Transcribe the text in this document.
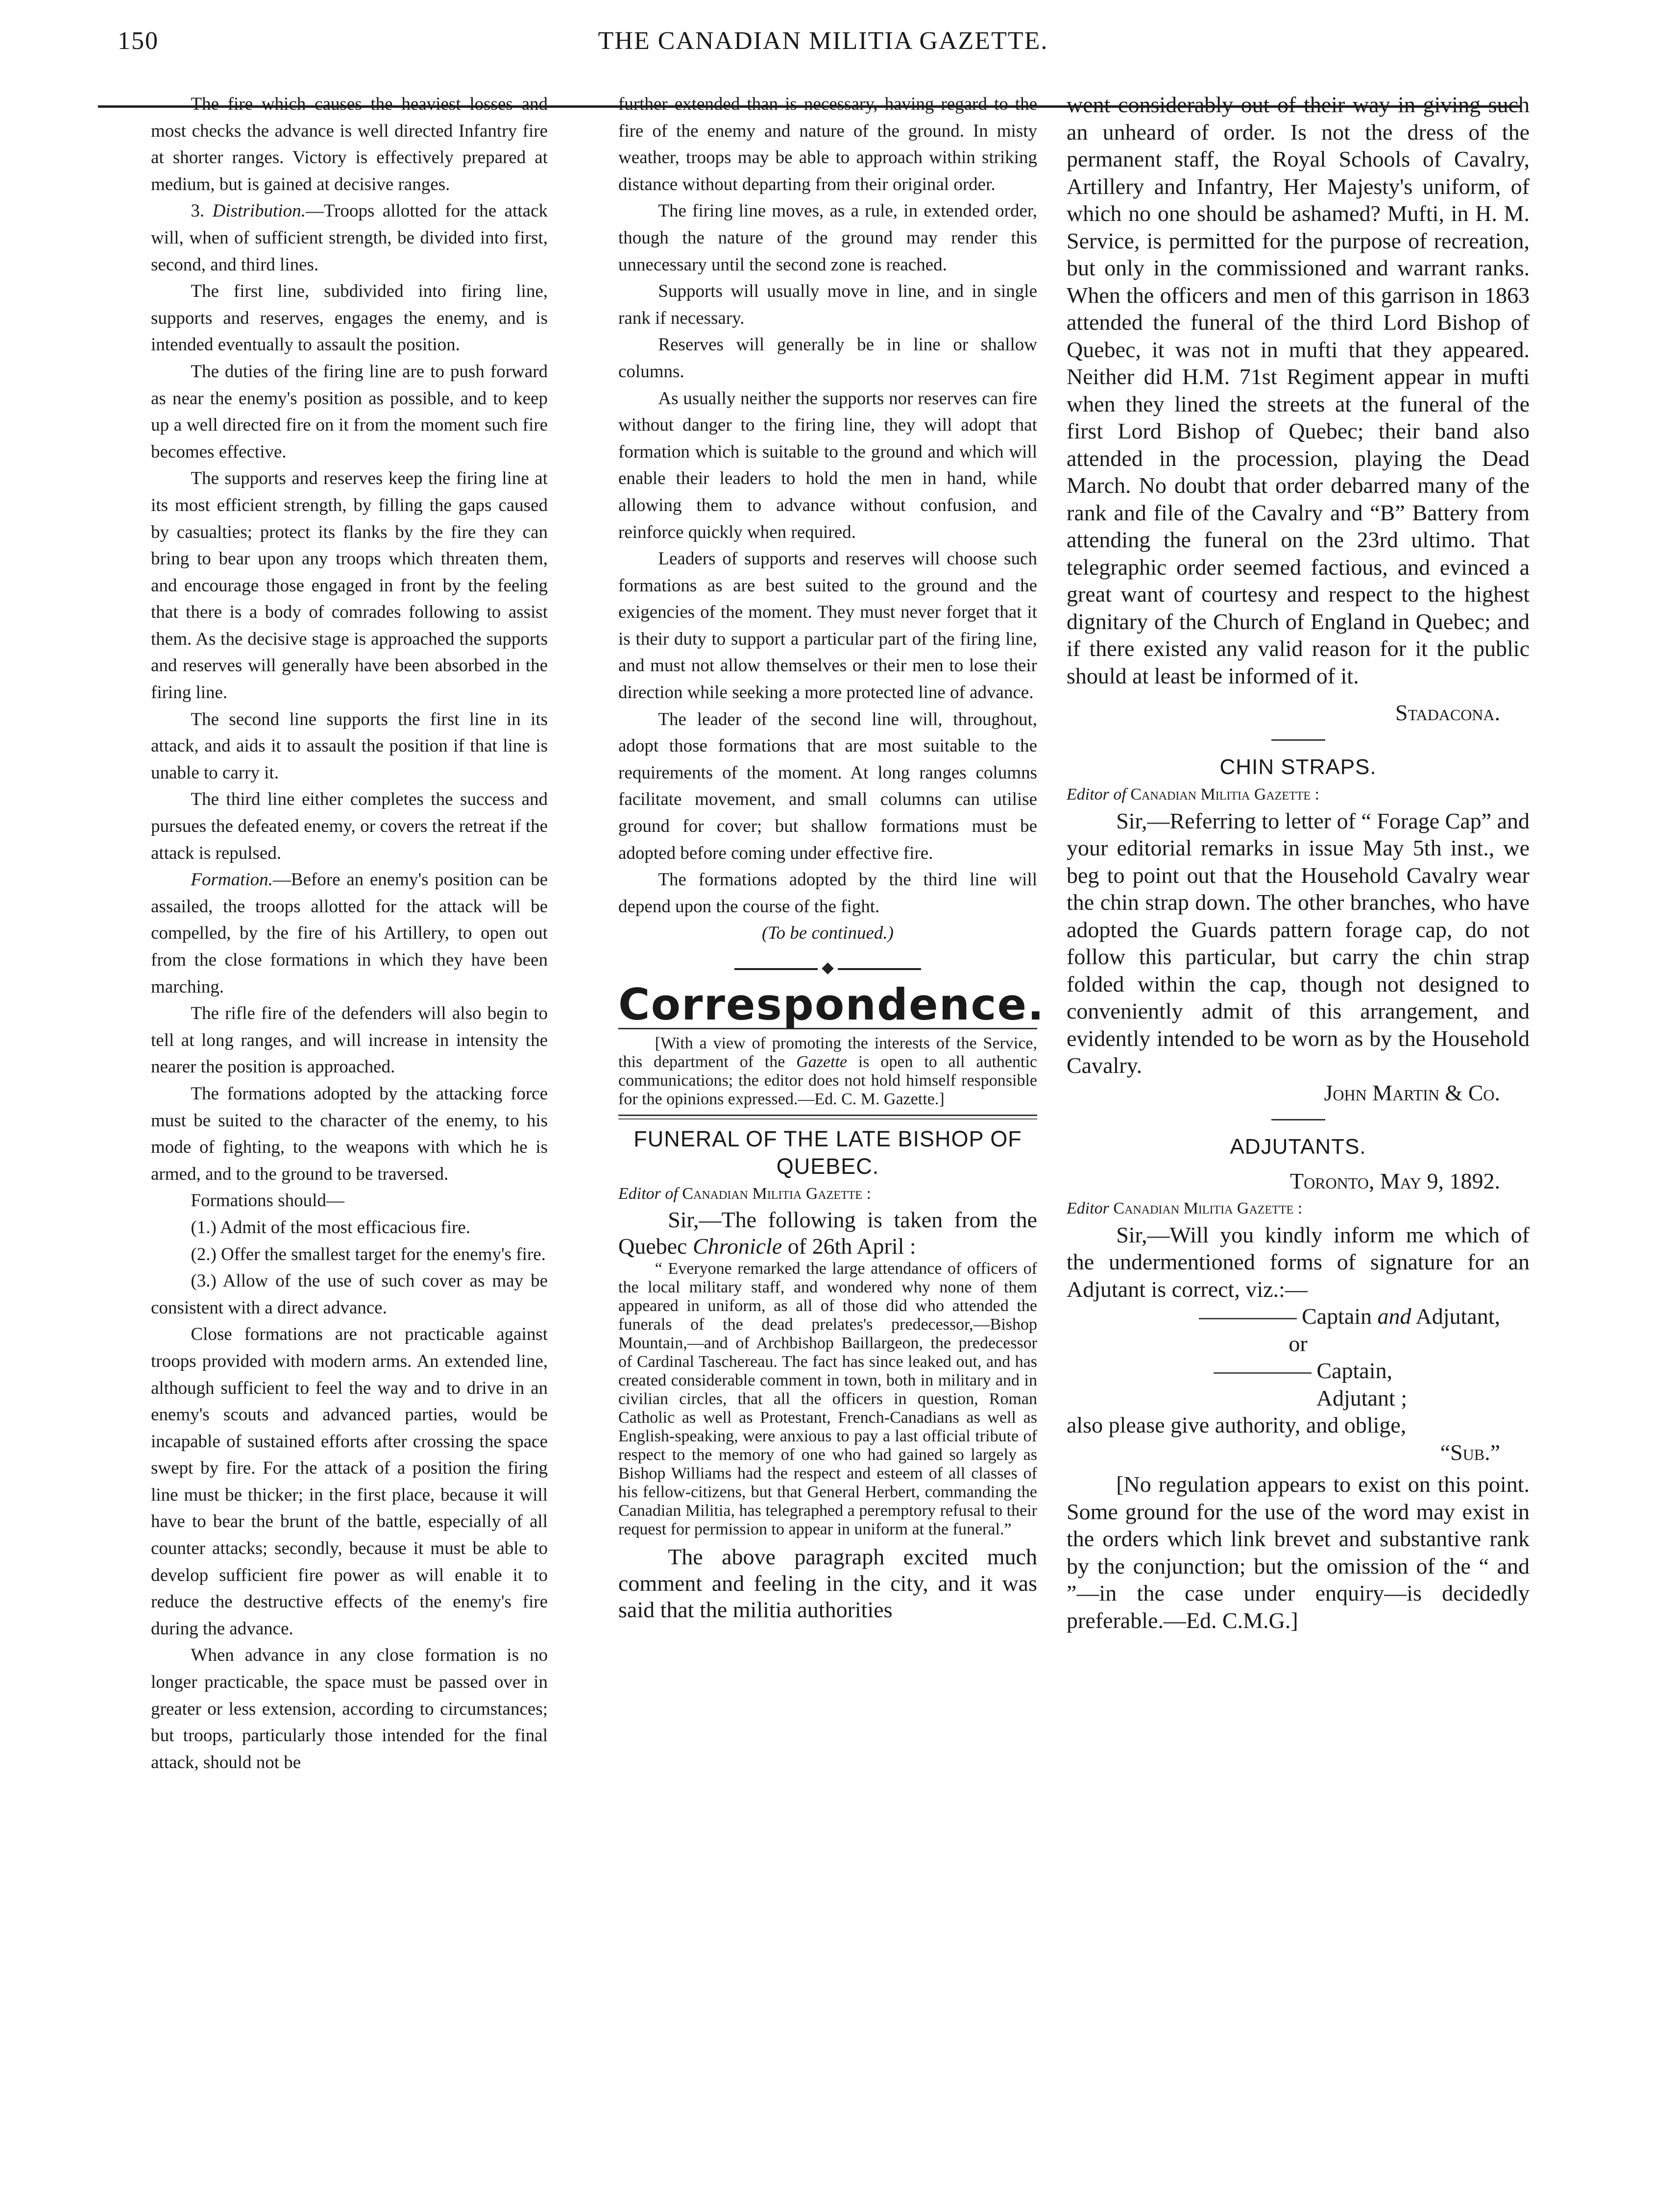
150	THE CANADIAN MILITIA GAZETTE.

The fire which causes the heaviest losses and most checks the advance is well directed Infantry fire at shorter ranges. Victory is effectively prepared at medium, but is gained at decisive ranges.

3. Distribution.—Troops allotted for the attack will, when of sufficient strength, be divided into first, second, and third lines.

The first line, subdivided into firing line, supports and reserves, engages the enemy, and is intended eventually to assault the position.

The duties of the firing line are to push forward as near the enemy's position as possible, and to keep up a well directed fire on it from the moment such fire becomes effective.

The supports and reserves keep the firing line at its most efficient strength, by filling the gaps caused by casualties; protect its flanks by the fire they can bring to bear upon any troops which threaten them, and encourage those engaged in front by the feeling that there is a body of comrades following to assist them. As the decisive stage is approached the supports and reserves will generally have been absorbed in the firing line.

The second line supports the first line in its attack, and aids it to assault the position if that line is unable to carry it.

The third line either completes the success and pursues the defeated enemy, or covers the retreat if the attack is repulsed.

Formation.—Before an enemy's position can be assailed, the troops allotted for the attack will be compelled, by the fire of his Artillery, to open out from the close formations in which they have been marching.

The rifle fire of the defenders will also begin to tell at long ranges, and will increase in intensity the nearer the position is approached.

The formations adopted by the attacking force must be suited to the character of the enemy, to his mode of fighting, to the weapons with which he is armed, and to the ground to be traversed.

Formations should—

(1.) Admit of the most efficacious fire.

(2.) Offer the smallest target for the enemy's fire.

(3.) Allow of the use of such cover as may be consistent with a direct advance.

Close formations are not practicable against troops provided with modern arms. An extended line, although sufficient to feel the way and to drive in an enemy's scouts and advanced parties, would be incapable of sustained efforts after crossing the space swept by fire. For the attack of a position the firing line must be thicker; in the first place, because it will have to bear the brunt of the battle, especially of all counter attacks; secondly, because it must be able to develop sufficient fire power as will enable it to reduce the destructive effects of the enemy's fire during the advance.

When advance in any close formation is no longer practicable, the space must be passed over in greater or less extension, according to circumstances; but troops, particularly those intended for the final attack, should not be

further extended than is necessary, having regard to the fire of the enemy and nature of the ground. In misty weather, troops may be able to approach within striking distance without departing from their original order.

The firing line moves, as a rule, in extended order, though the nature of the ground may render this unnecessary until the second zone is reached.

Supports will usually move in line, and in single rank if necessary.

Reserves will generally be in line or shallow columns.

As usually neither the supports nor reserves can fire without danger to the firing line, they will adopt that formation which is suitable to the ground and which will enable their leaders to hold the men in hand, while allowing them to advance without confusion, and reinforce quickly when required.

Leaders of supports and reserves will choose such formations as are best suited to the ground and the exigencies of the moment. They must never forget that it is their duty to support a particular part of the firing line, and must not allow themselves or their men to lose their direction while seeking a more protected line of advance.

The leader of the second line will, throughout, adopt those formations that are most suitable to the requirements of the moment. At long ranges columns facilitate movement, and small columns can utilise ground for cover; but shallow formations must be adopted before coming under effective fire.

The formations adopted by the third line will depend upon the course of the fight.

(To be continued.)

◆
Correspondence.

[With a view of promoting the interests of the Service, this department of the Gazette is open to all authentic communications; the editor does not hold himself responsible for the opinions expressed.—Ed. C. M. Gazette.]

FUNERAL OF THE LATE BISHOP OF QUEBEC.

Editor of Canadian Militia Gazette :

Sir,—The following is taken from the Quebec Chronicle of 26th April :

“ Everyone remarked the large attendance of officers of the local military staff, and wondered why none of them appeared in uniform, as all of those did who attended the funerals of the dead prelates's predecessor,—Bishop Mountain,—and of Archbishop Baillargeon, the predecessor of Cardinal Taschereau. The fact has since leaked out, and has created considerable comment in town, both in military and in civilian circles, that all the officers in question, Roman Catholic as well as Protestant, French-Canadians as well as English-speaking, were anxious to pay a last official tribute of respect to the memory of one who had gained so largely as Bishop Williams had the respect and esteem of all classes of his fellow-citizens, but that General Herbert, commanding the Canadian Militia, has telegraphed a peremptory refusal to their request for permission to appear in uniform at the funeral.”

The above paragraph excited much comment and feeling in the city, and it was said that the militia authorities

went considerably out of their way in giving such an unheard of order. Is not the dress of the permanent staff, the Royal Schools of Cavalry, Artillery and Infantry, Her Majesty's uniform, of which no one should be ashamed? Mufti, in H. M. Service, is permitted for the purpose of recreation, but only in the commissioned and warrant ranks. When the officers and men of this garrison in 1863 attended the funeral of the third Lord Bishop of Quebec, it was not in mufti that they appeared. Neither did H.M. 71st Regiment appear in mufti when they lined the streets at the funeral of the first Lord Bishop of Quebec; their band also attended in the procession, playing the Dead March. No doubt that order debarred many of the rank and file of the Cavalry and “B” Battery from attending the funeral on the 23rd ultimo. That telegraphic order seemed factious, and evinced a great want of courtesy and respect to the highest dignitary of the Church of England in Quebec; and if there existed any valid reason for it the public should at least be informed of it.

Stadacona.

CHIN STRAPS.

Editor of Canadian Militia Gazette :

Sir,—Referring to letter of “ Forage Cap” and your editorial remarks in issue May 5th inst., we beg to point out that the Household Cavalry wear the chin strap down. The other branches, who have adopted the Guards pattern forage cap, do not follow this particular, but carry the chin strap folded within the cap, though not designed to conveniently admit of this arrangement, and evidently intended to be worn as by the Household Cavalry.

John Martin & Co.

ADJUTANTS.

Toronto, May 9, 1892.

Editor Canadian Militia Gazette :

Sir,—Will you kindly inform me which of the undermentioned forms of signature for an Adjutant is correct, viz.:—

Captain and Adjutant,

or

Captain,

Adjutant ;

also please give authority, and oblige,

“Sub.”

[No regulation appears to exist on this point. Some ground for the use of the word may exist in the orders which link brevet and substantive rank by the conjunction; but the omission of the “ and ”—in the case under enquiry—is decidedly preferable.—Ed. C.M.G.]
